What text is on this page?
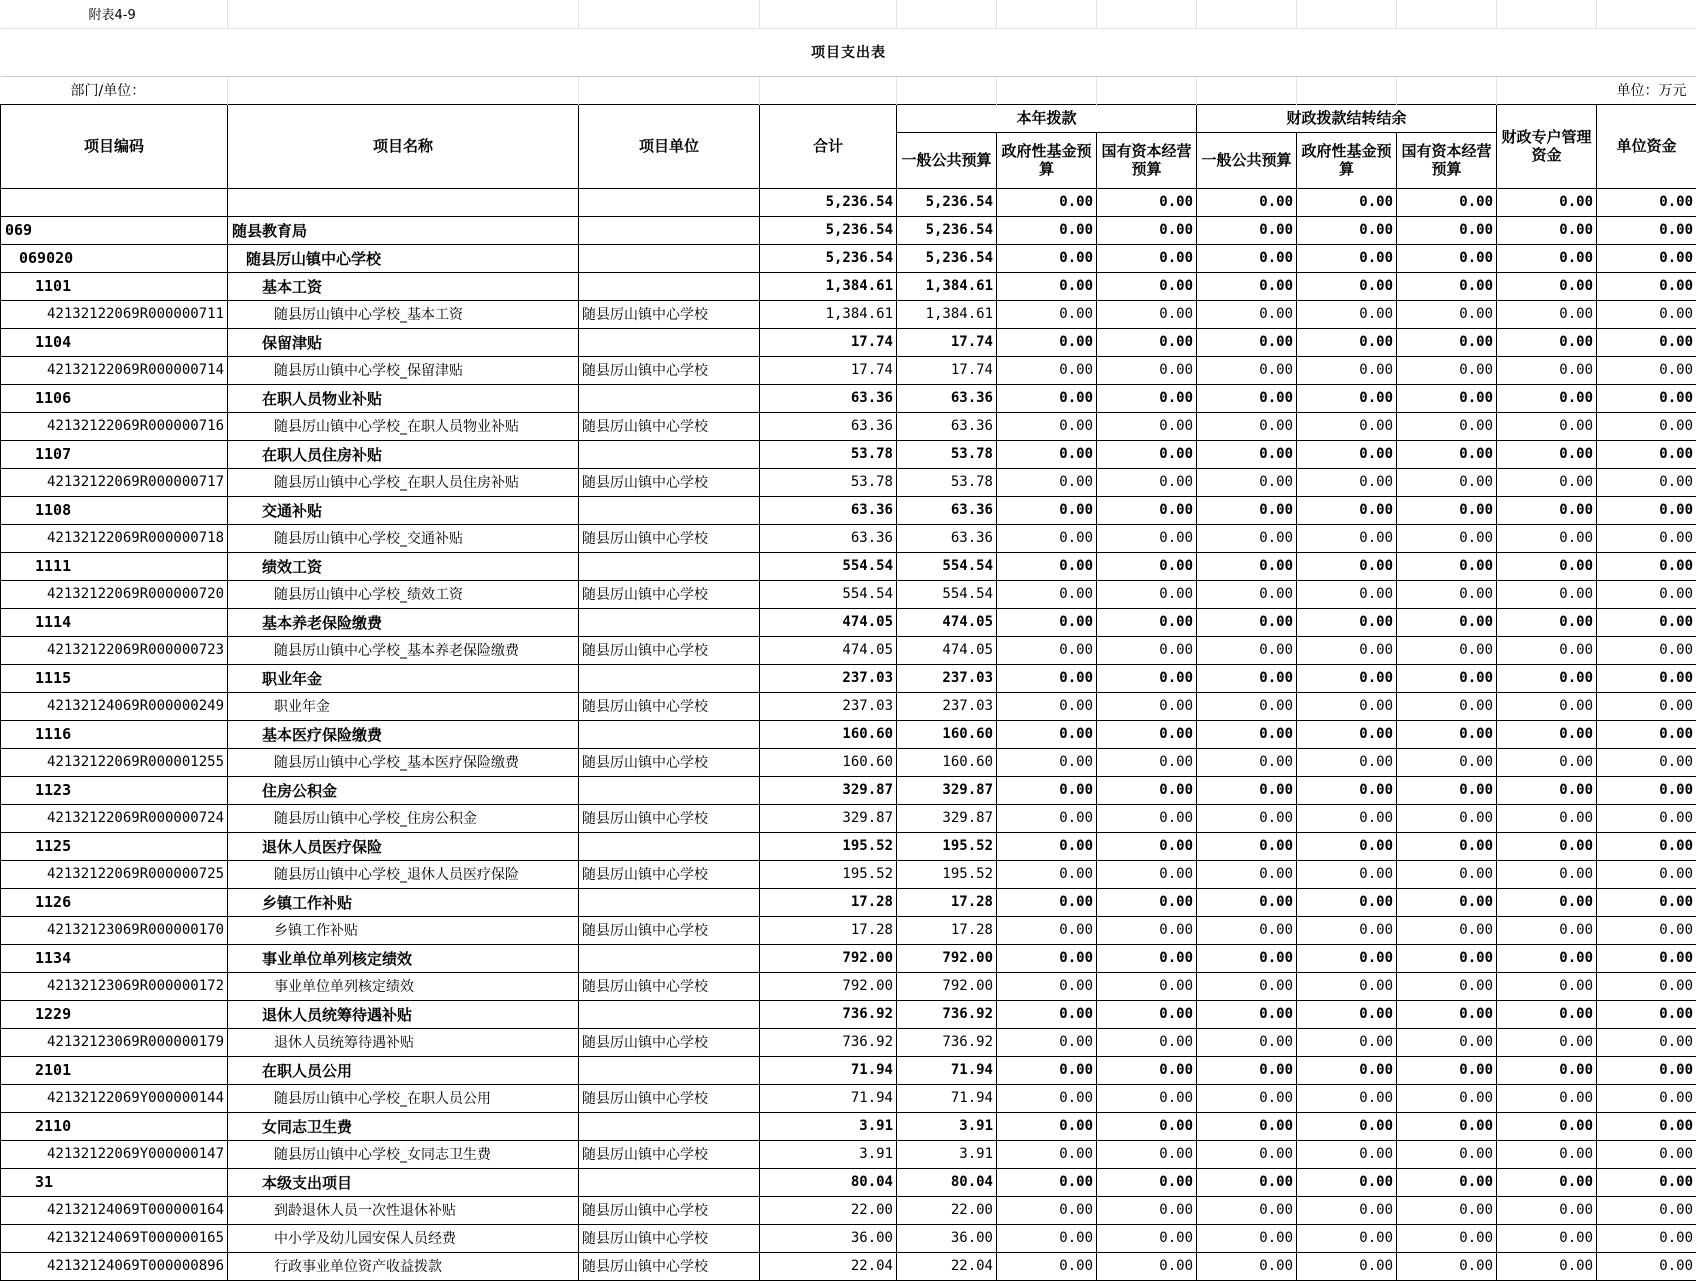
附表4-9											
项目支出表											
部门/单位：										单位：万元	
项目编码	项目名称	项目单位	合计	本年拨款			财政拨款结转结余			财政专户管理资金	单位资金
				一般公共预算	政府性基金预算	国有资本经营预算	一般公共预算	政府性基金预算	国有资本经营预算		
			5,236.54	5,236.54	0.00	0.00	0.00	0.00	0.00	0.00	0.00
069	随县教育局		5,236.54	5,236.54	0.00	0.00	0.00	0.00	0.00	0.00	0.00
069020	随县厉山镇中心学校		5,236.54	5,236.54	0.00	0.00	0.00	0.00	0.00	0.00	0.00
1101	基本工资		1,384.61	1,384.61	0.00	0.00	0.00	0.00	0.00	0.00	0.00
42132122069R000000711	随县厉山镇中心学校_基本工资	随县厉山镇中心学校	1,384.61	1,384.61	0.00	0.00	0.00	0.00	0.00	0.00	0.00
1104	保留津贴		17.74	17.74	0.00	0.00	0.00	0.00	0.00	0.00	0.00
42132122069R000000714	随县厉山镇中心学校_保留津贴	随县厉山镇中心学校	17.74	17.74	0.00	0.00	0.00	0.00	0.00	0.00	0.00
1106	在职人员物业补贴		63.36	63.36	0.00	0.00	0.00	0.00	0.00	0.00	0.00
42132122069R000000716	随县厉山镇中心学校_在职人员物业补贴	随县厉山镇中心学校	63.36	63.36	0.00	0.00	0.00	0.00	0.00	0.00	0.00
1107	在职人员住房补贴		53.78	53.78	0.00	0.00	0.00	0.00	0.00	0.00	0.00
42132122069R000000717	随县厉山镇中心学校_在职人员住房补贴	随县厉山镇中心学校	53.78	53.78	0.00	0.00	0.00	0.00	0.00	0.00	0.00
1108	交通补贴		63.36	63.36	0.00	0.00	0.00	0.00	0.00	0.00	0.00
42132122069R000000718	随县厉山镇中心学校_交通补贴	随县厉山镇中心学校	63.36	63.36	0.00	0.00	0.00	0.00	0.00	0.00	0.00
1111	绩效工资		554.54	554.54	0.00	0.00	0.00	0.00	0.00	0.00	0.00
42132122069R000000720	随县厉山镇中心学校_绩效工资	随县厉山镇中心学校	554.54	554.54	0.00	0.00	0.00	0.00	0.00	0.00	0.00
1114	基本养老保险缴费		474.05	474.05	0.00	0.00	0.00	0.00	0.00	0.00	0.00
42132122069R000000723	随县厉山镇中心学校_基本养老保险缴费	随县厉山镇中心学校	474.05	474.05	0.00	0.00	0.00	0.00	0.00	0.00	0.00
1115	职业年金		237.03	237.03	0.00	0.00	0.00	0.00	0.00	0.00	0.00
42132124069R000000249	职业年金	随县厉山镇中心学校	237.03	237.03	0.00	0.00	0.00	0.00	0.00	0.00	0.00
1116	基本医疗保险缴费		160.60	160.60	0.00	0.00	0.00	0.00	0.00	0.00	0.00
42132122069R000001255	随县厉山镇中心学校_基本医疗保险缴费	随县厉山镇中心学校	160.60	160.60	0.00	0.00	0.00	0.00	0.00	0.00	0.00
1123	住房公积金		329.87	329.87	0.00	0.00	0.00	0.00	0.00	0.00	0.00
42132122069R000000724	随县厉山镇中心学校_住房公积金	随县厉山镇中心学校	329.87	329.87	0.00	0.00	0.00	0.00	0.00	0.00	0.00
1125	退休人员医疗保险		195.52	195.52	0.00	0.00	0.00	0.00	0.00	0.00	0.00
42132122069R000000725	随县厉山镇中心学校_退休人员医疗保险	随县厉山镇中心学校	195.52	195.52	0.00	0.00	0.00	0.00	0.00	0.00	0.00
1126	乡镇工作补贴		17.28	17.28	0.00	0.00	0.00	0.00	0.00	0.00	0.00
42132123069R000000170	乡镇工作补贴	随县厉山镇中心学校	17.28	17.28	0.00	0.00	0.00	0.00	0.00	0.00	0.00
1134	事业单位单列核定绩效		792.00	792.00	0.00	0.00	0.00	0.00	0.00	0.00	0.00
42132123069R000000172	事业单位单列核定绩效	随县厉山镇中心学校	792.00	792.00	0.00	0.00	0.00	0.00	0.00	0.00	0.00
1229	退休人员统筹待遇补贴		736.92	736.92	0.00	0.00	0.00	0.00	0.00	0.00	0.00
42132123069R000000179	退休人员统筹待遇补贴	随县厉山镇中心学校	736.92	736.92	0.00	0.00	0.00	0.00	0.00	0.00	0.00
2101	在职人员公用		71.94	71.94	0.00	0.00	0.00	0.00	0.00	0.00	0.00
42132122069Y000000144	随县厉山镇中心学校_在职人员公用	随县厉山镇中心学校	71.94	71.94	0.00	0.00	0.00	0.00	0.00	0.00	0.00
2110	女同志卫生费		3.91	3.91	0.00	0.00	0.00	0.00	0.00	0.00	0.00
42132122069Y000000147	随县厉山镇中心学校_女同志卫生费	随县厉山镇中心学校	3.91	3.91	0.00	0.00	0.00	0.00	0.00	0.00	0.00
31	本级支出项目		80.04	80.04	0.00	0.00	0.00	0.00	0.00	0.00	0.00
42132124069T000000164	到龄退休人员一次性退休补贴	随县厉山镇中心学校	22.00	22.00	0.00	0.00	0.00	0.00	0.00	0.00	0.00
42132124069T000000165	中小学及幼儿园安保人员经费	随县厉山镇中心学校	36.00	36.00	0.00	0.00	0.00	0.00	0.00	0.00	0.00
42132124069T000000896	行政事业单位资产收益拨款	随县厉山镇中心学校	22.04	22.04	0.00	0.00	0.00	0.00	0.00	0.00	0.00
